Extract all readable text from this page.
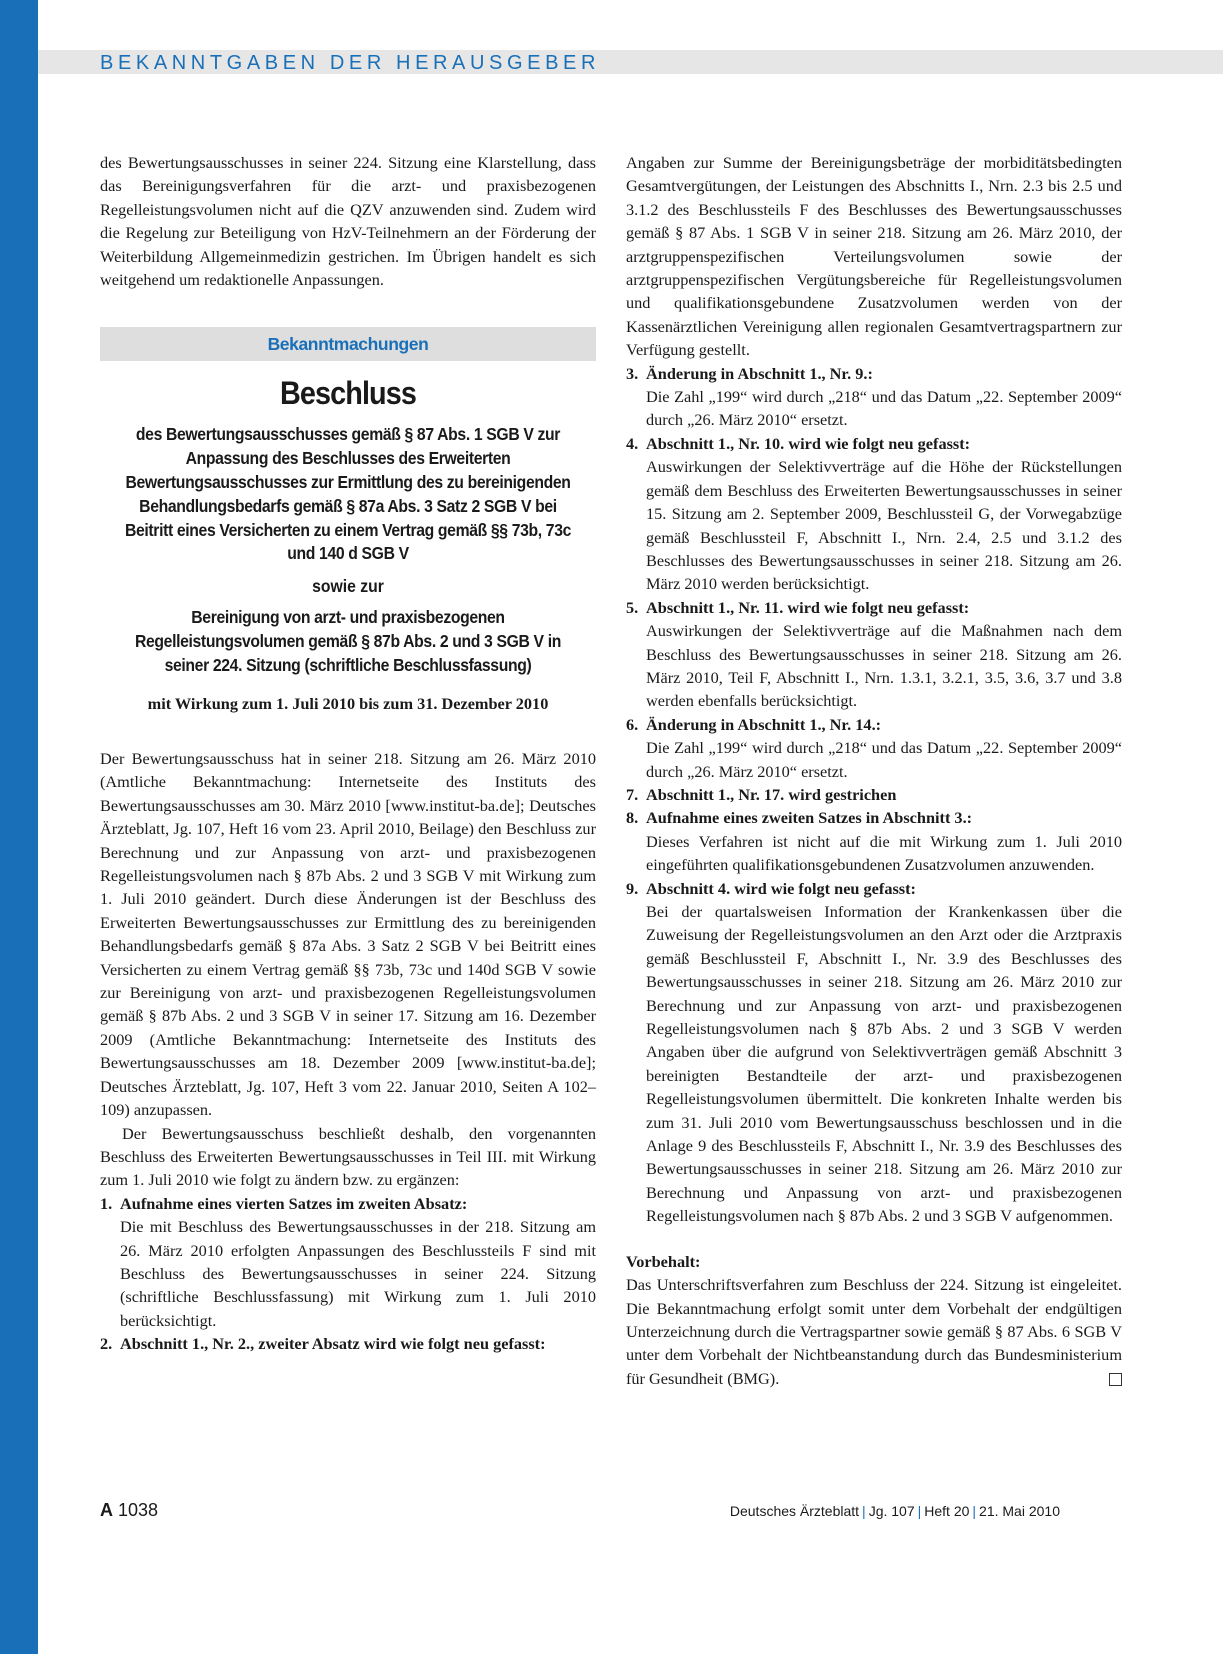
BEKANNTGABEN DER HERAUSGEBER

des Bewertungsausschusses in seiner 224. Sitzung eine Klarstellung, dass das Bereinigungsverfahren für die arzt- und praxisbezogenen Regelleistungsvolumen nicht auf die QZV anzuwenden sind. Zudem wird die Regelung zur Beteiligung von HzV-Teilnehmern an der Förderung der Weiterbildung Allgemeinmedizin gestrichen. Im Übrigen handelt es sich weitgehend um redaktionelle Anpassungen.

Bekanntmachungen
Beschluss
des Bewertungsausschusses gemäß § 87 Abs. 1 SGB V zur Anpassung des Beschlusses des Erweiterten Bewertungsausschusses zur Ermittlung des zu bereinigenden Behandlungsbedarfs gemäß § 87a Abs. 3 Satz 2 SGB V bei Beitritt eines Versicherten zu einem Vertrag gemäß §§ 73b, 73c und 140 d SGB V
sowie zur
Bereinigung von arzt- und praxisbezogenen Regelleistungsvolumen gemäß § 87b Abs. 2 und 3 SGB V in seiner 224. Sitzung (schriftliche Beschlussfassung)
mit Wirkung zum 1. Juli 2010 bis zum 31. Dezember 2010

Der Bewertungsausschuss hat in seiner 218. Sitzung am 26. März 2010 (Amtliche Bekanntmachung: Internetseite des Instituts des Bewertungsausschusses am 30. März 2010 [www.institut-ba.de]; Deutsches Ärzteblatt, Jg. 107, Heft 16 vom 23. April 2010, Beilage) den Beschluss zur Berechnung und zur Anpassung von arzt- und praxisbezogenen Regelleistungsvolumen nach § 87b Abs. 2 und 3 SGB V mit Wirkung zum 1. Juli 2010 geändert. Durch diese Änderungen ist der Beschluss des Erweiterten Bewertungsausschusses zur Ermittlung des zu bereinigenden Behandlungsbedarfs gemäß § 87a Abs. 3 Satz 2 SGB V bei Beitritt eines Versicherten zu einem Vertrag gemäß §§ 73b, 73c und 140d SGB V sowie zur Bereinigung von arzt- und praxisbezogenen Regelleistungsvolumen gemäß § 87b Abs. 2 und 3 SGB V in seiner 17. Sitzung am 16. Dezember 2009 (Amtliche Bekanntmachung: Internetseite des Instituts des Bewertungsausschusses am 18. Dezember 2009 [www.institut-ba.de]; Deutsches Ärzteblatt, Jg. 107, Heft 3 vom 22. Januar 2010, Seiten A 102–109) anzupassen.

Der Bewertungsausschuss beschließt deshalb, den vorgenannten Beschluss des Erweiterten Bewertungsausschusses in Teil III. mit Wirkung zum 1. Juli 2010 wie folgt zu ändern bzw. zu ergänzen:

1. Aufnahme eines vierten Satzes im zweiten Absatz:
Die mit Beschluss des Bewertungsausschusses in der 218. Sitzung am 26. März 2010 erfolgten Anpassungen des Beschlussteils F sind mit Beschluss des Bewertungsausschusses in seiner 224. Sitzung (schriftliche Beschlussfassung) mit Wirkung zum 1. Juli 2010 berücksichtigt.
2. Abschnitt 1., Nr. 2., zweiter Absatz wird wie folgt neu gefasst:

Angaben zur Summe der Bereinigungsbeträge der morbiditätsbedingten Gesamtvergütungen, der Leistungen des Abschnitts I., Nrn. 2.3 bis 2.5 und 3.1.2 des Beschlussteils F des Beschlusses des Bewertungsausschusses gemäß § 87 Abs. 1 SGB V in seiner 218. Sitzung am 26. März 2010, der arztgruppenspezifischen Verteilungsvolumen sowie der arztgruppenspezifischen Vergütungsbereiche für Regelleistungsvolumen und qualifikationsgebundene Zusatzvolumen werden von der Kassenärztlichen Vereinigung allen regionalen Gesamtvertragspartnern zur Verfügung gestellt.

3. Änderung in Abschnitt 1., Nr. 9.:
Die Zahl „199“ wird durch „218“ und das Datum „22. September 2009“ durch „26. März 2010“ ersetzt.
4. Abschnitt 1., Nr. 10. wird wie folgt neu gefasst:
Auswirkungen der Selektivverträge auf die Höhe der Rückstellungen gemäß dem Beschluss des Erweiterten Bewertungsausschusses in seiner 15. Sitzung am 2. September 2009, Beschlussteil G, der Vorwegabzüge gemäß Beschlussteil F, Abschnitt I., Nrn. 2.4, 2.5 und 3.1.2 des Beschlusses des Bewertungsausschusses in seiner 218. Sitzung am 26. März 2010 werden berücksichtigt.
5. Abschnitt 1., Nr. 11. wird wie folgt neu gefasst:
Auswirkungen der Selektivverträge auf die Maßnahmen nach dem Beschluss des Bewertungsausschusses in seiner 218. Sitzung am 26. März 2010, Teil F, Abschnitt I., Nrn. 1.3.1, 3.2.1, 3.5, 3.6, 3.7 und 3.8 werden ebenfalls berücksichtigt.
6. Änderung in Abschnitt 1., Nr. 14.:
Die Zahl „199“ wird durch „218“ und das Datum „22. September 2009“ durch „26. März 2010“ ersetzt.
7. Abschnitt 1., Nr. 17. wird gestrichen
8. Aufnahme eines zweiten Satzes in Abschnitt 3.:
Dieses Verfahren ist nicht auf die mit Wirkung zum 1. Juli 2010 eingeführten qualifikationsgebundenen Zusatzvolumen anzuwenden.
9. Abschnitt 4. wird wie folgt neu gefasst:
Bei der quartalsweisen Information der Krankenkassen über die Zuweisung der Regelleistungsvolumen an den Arzt oder die Arztpraxis gemäß Beschlussteil F, Abschnitt I., Nr. 3.9 des Beschlusses des Bewertungsausschusses in seiner 218. Sitzung am 26. März 2010 zur Berechnung und zur Anpassung von arzt- und praxisbezogenen Regelleistungsvolumen nach § 87b Abs. 2 und 3 SGB V werden Angaben über die aufgrund von Selektivverträgen gemäß Abschnitt 3 bereinigten Bestandteile der arzt- und praxisbezogenen Regelleistungsvolumen übermittelt. Die konkreten Inhalte werden bis zum 31. Juli 2010 vom Bewertungsausschuss beschlossen und in die Anlage 9 des Beschlussteils F, Abschnitt I., Nr. 3.9 des Beschlusses des Bewertungsausschusses in seiner 218. Sitzung am 26. März 2010 zur Berechnung und Anpassung von arzt- und praxisbezogenen Regelleistungsvolumen nach § 87b Abs. 2 und 3 SGB V aufgenommen.

Vorbehalt:

Das Unterschriftsverfahren zum Beschluss der 224. Sitzung ist eingeleitet. Die Bekanntmachung erfolgt somit unter dem Vorbehalt der endgültigen Unterzeichnung durch die Vertragspartner sowie gemäß § 87 Abs. 6 SGB V unter dem Vorbehalt der Nichtbeanstandung durch das Bundesministerium für Gesundheit (BMG).

A 1038	Deutsches Ärzteblatt | Jg. 107 | Heft 20 | 21. Mai 2010
